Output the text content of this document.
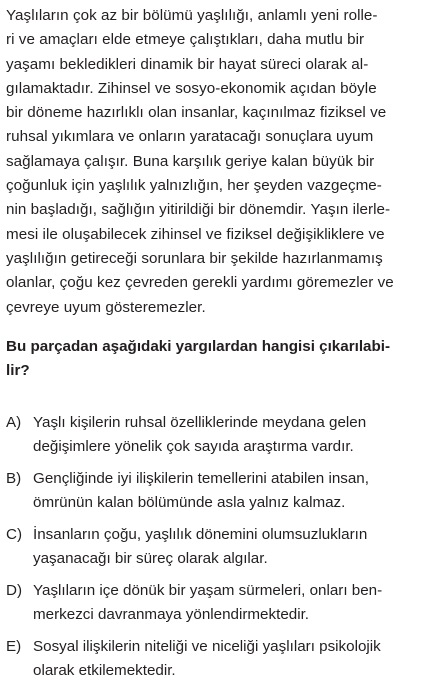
Yaşlıların çok az bir bölümü yaşlılığı, anlamlı yeni rolle-
ri ve amaçları elde etmeye çalıştıkları, daha mutlu bir
yaşamı bekledikleri dinamik bir hayat süreci olarak al-
gılamaktadır. Zihinsel ve sosyo-ekonomik açıdan böyle
bir döneme hazırlıklı olan insanlar, kaçınılmaz fiziksel ve
ruhsal yıkımlara ve onların yaratacağı sonuçlara uyum
sağlamaya çalışır. Buna karşılık geriye kalan büyük bir
çoğunluk için yaşlılık yalnızlığın, her şeyden vazgeçme-
nin başladığı, sağlığın yitirildiği bir dönemdir. Yaşın ilerle-
mesi ile oluşabilecek zihinsel ve fiziksel değişikliklere ve
yaşlılığın getireceği sorunlara bir şekilde hazırlanmamış
olanlar, çoğu kez çevreden gerekli yardımı göremezler ve
çevreye uyum gösteremezler.
Bu parçadan aşağıdaki yargılardan hangisi çıkarılabi-
lir?
A) Yaşlı kişilerin ruhsal özelliklerinde meydana gelen
değişimlere yönelik çok sayıda araştırma vardır.
B) Gençliğinde iyi ilişkilerin temellerini atabilen insan,
ömrünün kalan bölümünde asla yalnız kalmaz.
C) İnsanların çoğu, yaşlılık dönemini olumsuzlukların
yaşanacağı bir süreç olarak algılar.
D) Yaşlıların içe dönük bir yaşam sürmeleri, onları ben-
merkezci davranmaya yönlendirmektedir.
E) Sosyal ilişkilerin niteliği ve niceliği yaşlıları psikolojik
olarak etkilemektedir.
